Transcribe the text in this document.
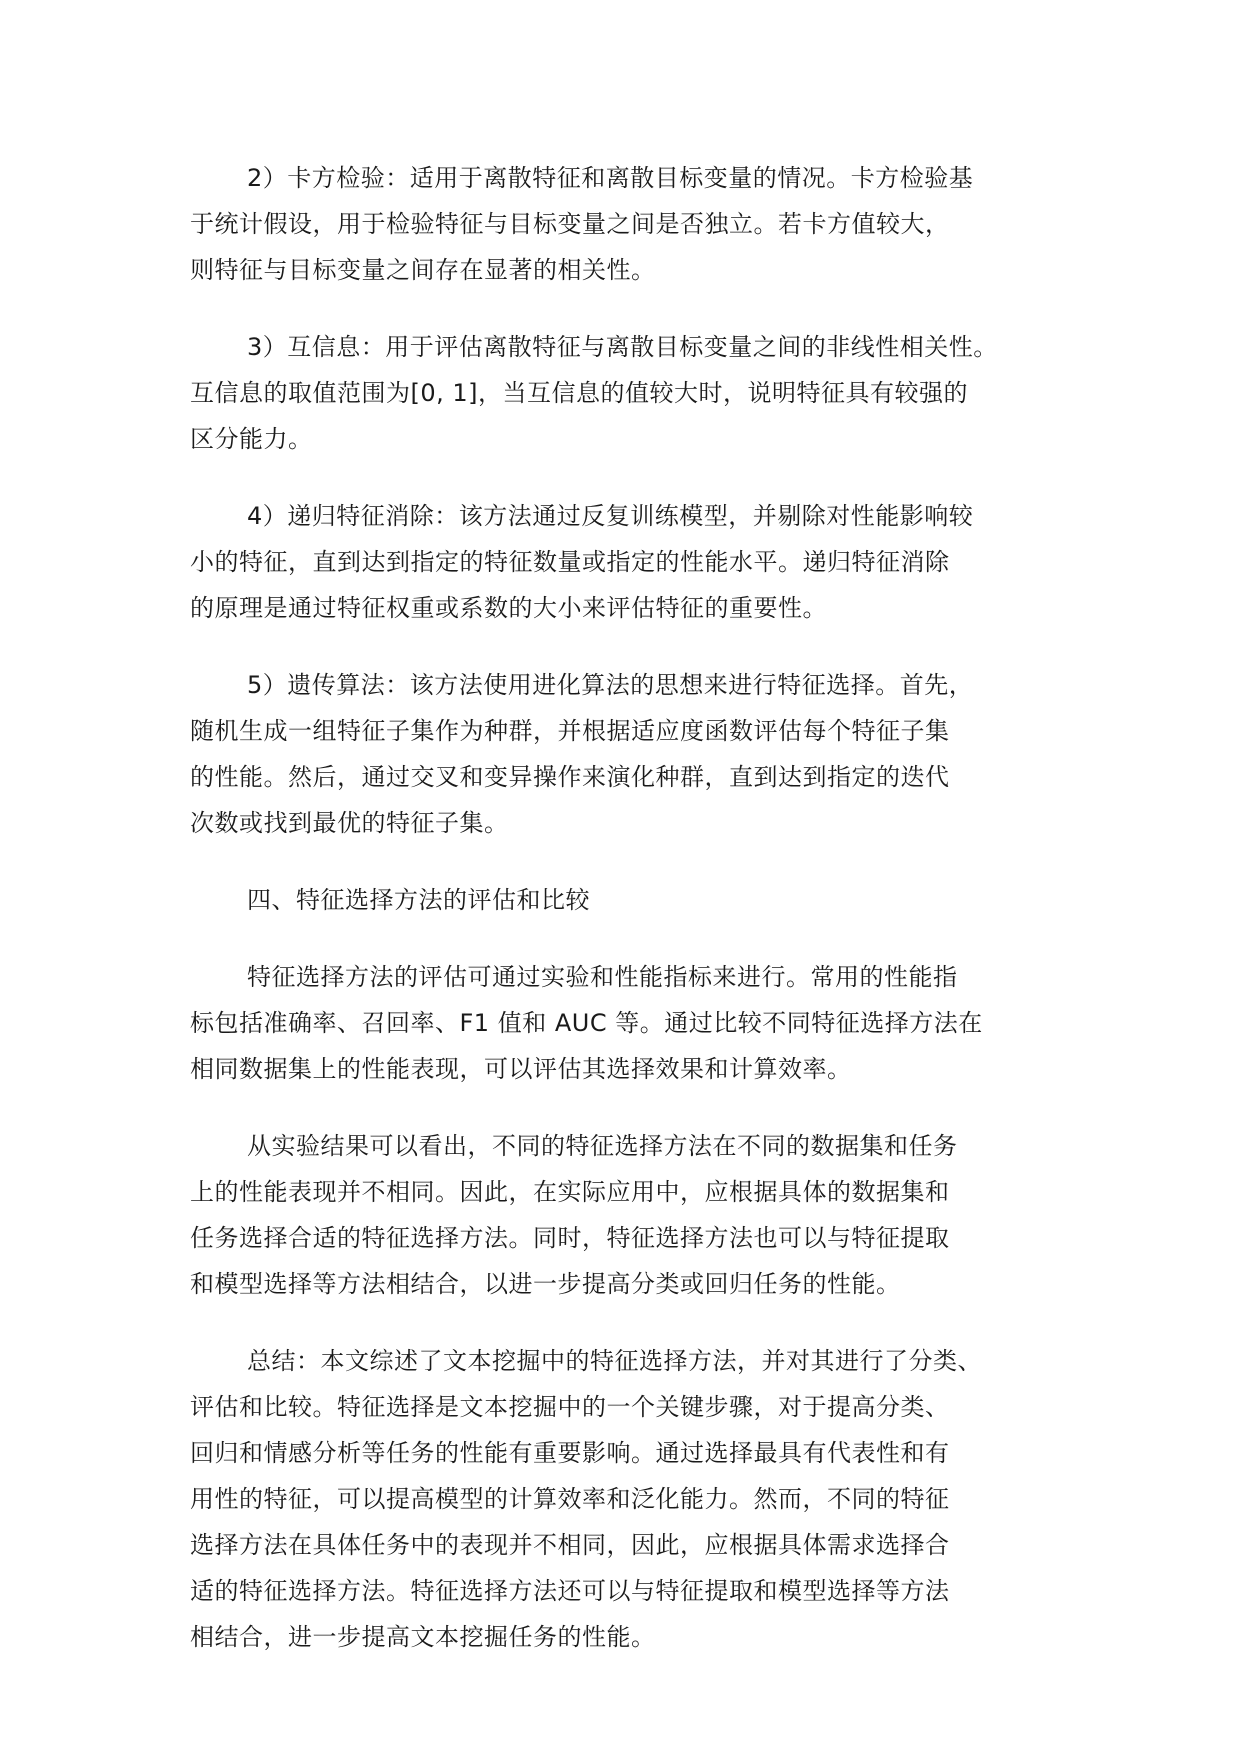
2）卡方检验：适用于离散特征和离散目标变量的情况。卡方检验基
于统计假设，用于检验特征与目标变量之间是否独立。若卡方值较大，
则特征与目标变量之间存在显著的相关性。
3）互信息：用于评估离散特征与离散目标变量之间的非线性相关性。
互信息的取值范围为[0, 1]，当互信息的值较大时，说明特征具有较强的
区分能力。
4）递归特征消除：该方法通过反复训练模型，并剔除对性能影响较
小的特征，直到达到指定的特征数量或指定的性能水平。递归特征消除
的原理是通过特征权重或系数的大小来评估特征的重要性。
5）遗传算法：该方法使用进化算法的思想来进行特征选择。首先，
随机生成一组特征子集作为种群，并根据适应度函数评估每个特征子集
的性能。然后，通过交叉和变异操作来演化种群，直到达到指定的迭代
次数或找到最优的特征子集。
四、特征选择方法的评估和比较
特征选择方法的评估可通过实验和性能指标来进行。常用的性能指
标包括准确率、召回率、F1 值和 AUC 等。通过比较不同特征选择方法在
相同数据集上的性能表现，可以评估其选择效果和计算效率。
从实验结果可以看出，不同的特征选择方法在不同的数据集和任务
上的性能表现并不相同。因此，在实际应用中，应根据具体的数据集和
任务选择合适的特征选择方法。同时，特征选择方法也可以与特征提取
和模型选择等方法相结合，以进一步提高分类或回归任务的性能。
总结：本文综述了文本挖掘中的特征选择方法，并对其进行了分类、
评估和比较。特征选择是文本挖掘中的一个关键步骤，对于提高分类、
回归和情感分析等任务的性能有重要影响。通过选择最具有代表性和有
用性的特征，可以提高模型的计算效率和泛化能力。然而，不同的特征
选择方法在具体任务中的表现并不相同，因此，应根据具体需求选择合
适的特征选择方法。特征选择方法还可以与特征提取和模型选择等方法
相结合，进一步提高文本挖掘任务的性能。
